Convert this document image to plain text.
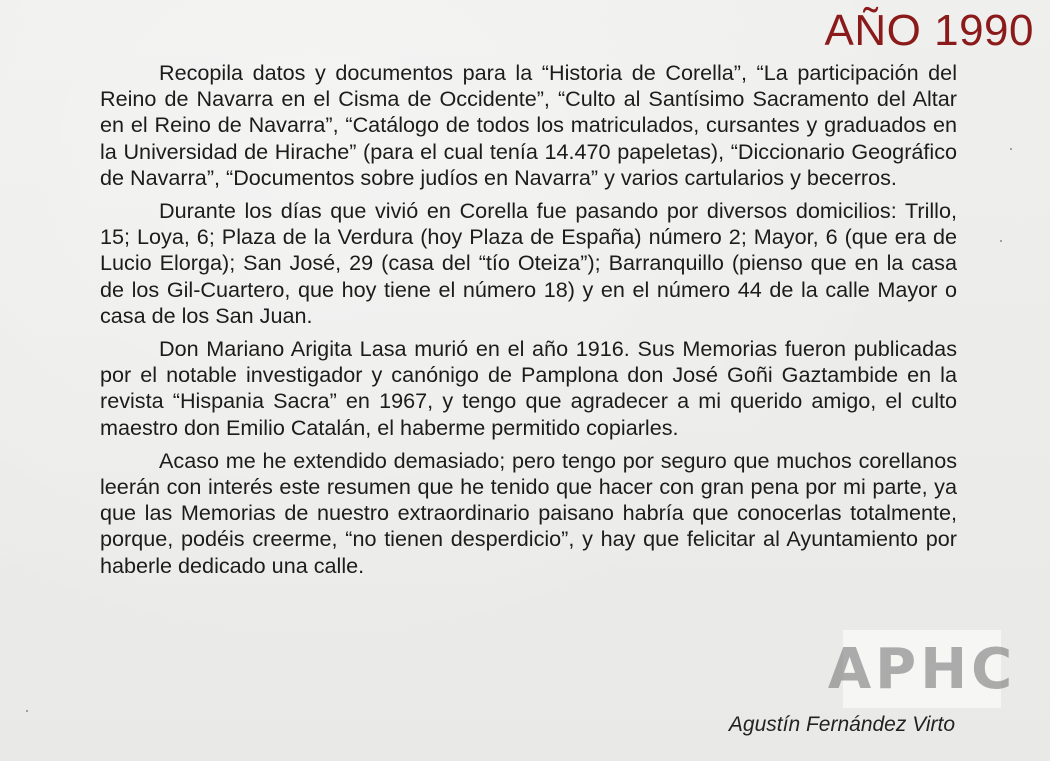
AÑO 1990

Recopila datos y documentos para la “Historia de Corella”, “La participación del Reino de Navarra en el Cisma de Occidente”, “Culto al Santísimo Sacramento del Altar en el Reino de Navarra”, “Catálogo de todos los matriculados, cursantes y graduados en la Universidad de Hirache” (para el cual tenía 14.470 papeletas), “Diccionario Geográfico de Navarra”, “Documentos sobre judíos en Navarra” y varios cartularios y becerros.

Durante los días que vivió en Corella fue pasando por diversos domicilios: Trillo, 15; Loya, 6; Plaza de la Verdura (hoy Plaza de España) número 2; Mayor, 6 (que era de Lucio Elorga); San José, 29 (casa del “tío Oteiza”); Barranquillo (pienso que en la casa de los Gil-Cuartero, que hoy tiene el número 18) y en el número 44 de la calle Mayor o casa de los San Juan.

Don Mariano Arigita Lasa murió en el año 1916. Sus Memorias fueron publicadas por el notable investigador y canónigo de Pamplona don José Goñi Gaztambide en la revista “Hispania Sacra” en 1967, y tengo que agradecer a mi querido amigo, el culto maestro don Emilio Catalán, el haberme permitido copiarles.

Acaso me he extendido demasiado; pero tengo por seguro que muchos corellanos leerán con interés este resumen que he tenido que hacer con gran pena por mi parte, ya que las Memorias de nuestro extraordinario paisano habría que conocerlas totalmente, porque, podéis creerme, “no tienen desperdicio”, y hay que felicitar al Ayuntamiento por haberle dedicado una calle.

APHC
Agustín Fernández Virto
